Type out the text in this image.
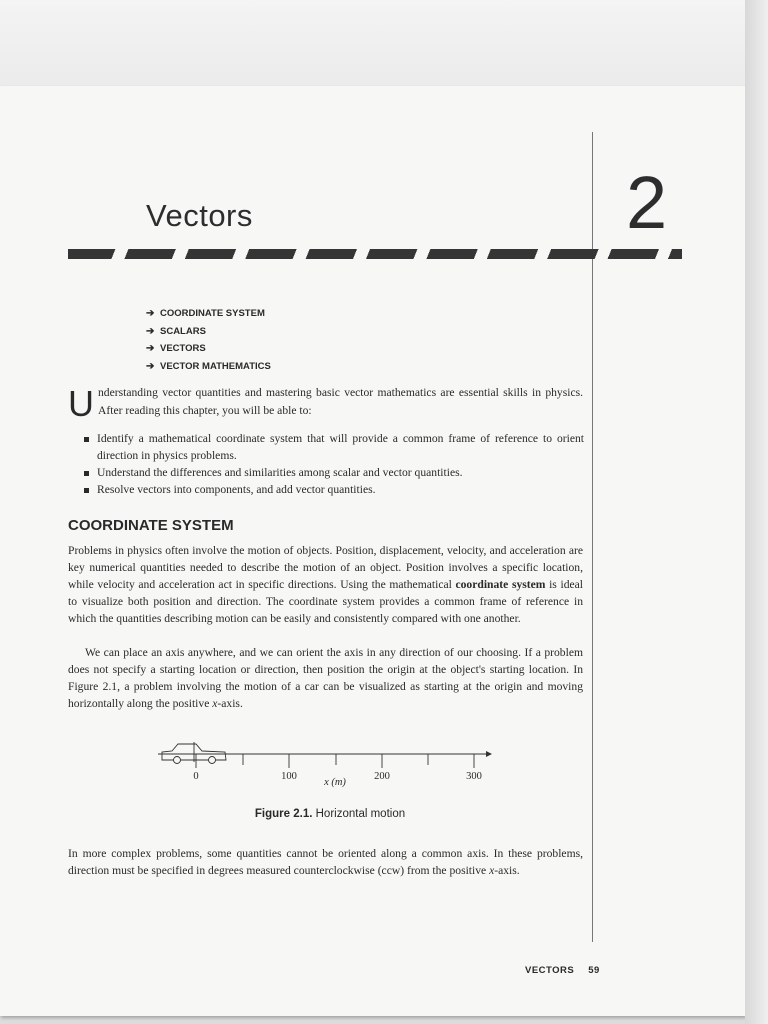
Vectors	2
➔ COORDINATE SYSTEM
➔ SCALARS
➔ VECTORS
➔ VECTOR MATHEMATICS
Understanding vector quantities and mastering basic vector mathematics are essential skills in physics. After reading this chapter, you will be able to:
Identify a mathematical coordinate system that will provide a common frame of reference to orient direction in physics problems.
Understand the differences and similarities among scalar and vector quantities.
Resolve vectors into components, and add vector quantities.
COORDINATE SYSTEM

Problems in physics often involve the motion of objects. Position, displacement, velocity, and acceleration are key numerical quantities needed to describe the motion of an object. Position involves a specific location, while velocity and acceleration act in specific directions. Using the mathematical coordinate system is ideal to visualize both position and direction. The coordinate system provides a common frame of reference in which the quantities describing motion can be easily and consistently compared with one another.

We can place an axis anywhere, and we can orient the axis in any direction of our choosing. If a problem does not specify a starting location or direction, then position the origin at the object's starting location. In Figure 2.1, a problem involving the motion of a car can be visualized as starting at the origin and moving horizontally along the positive x-axis.

0	100	200	300
x (m)
Figure 2.1. Horizontal motion

In more complex problems, some quantities cannot be oriented along a common axis. In these problems, direction must be specified in degrees measured counterclockwise (ccw) from the positive x-axis.

VECTORS 59
